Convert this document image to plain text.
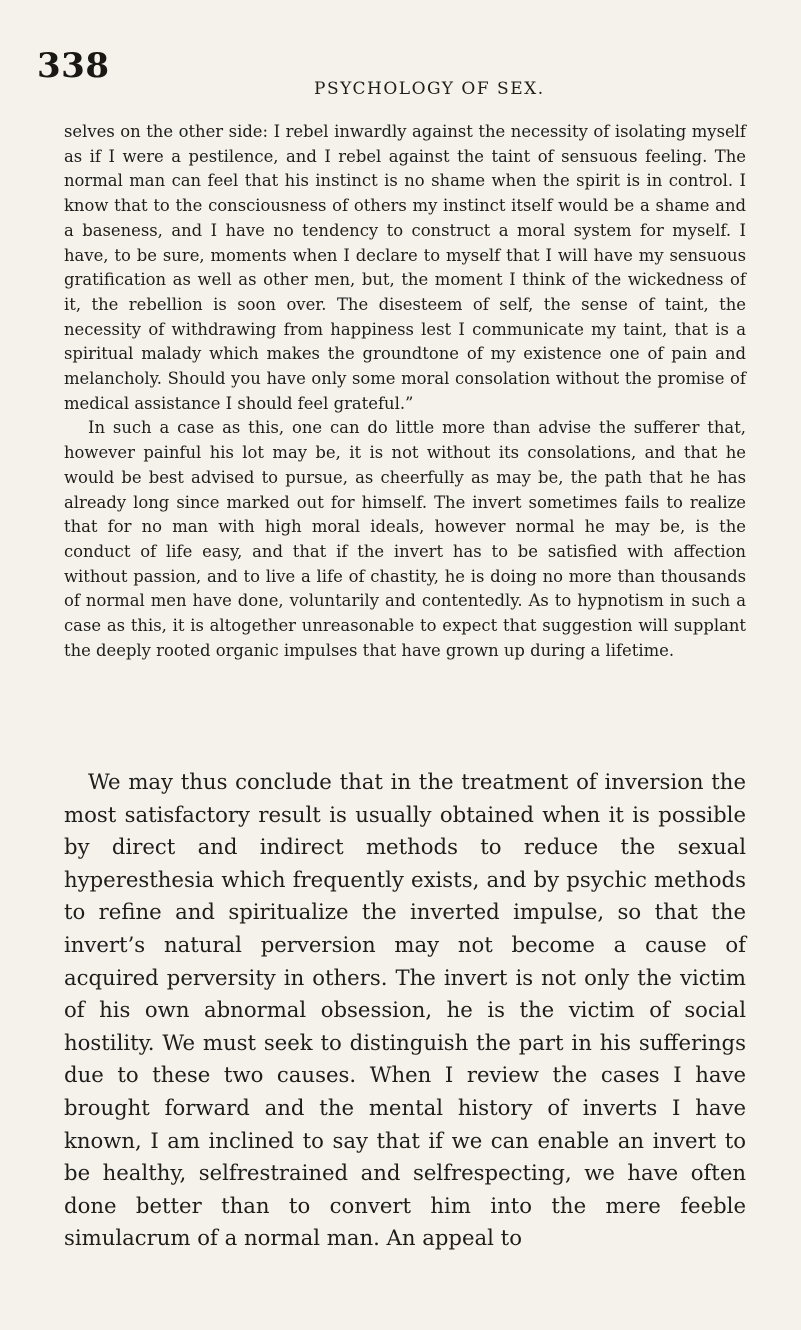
338
PSYCHOLOGY OF SEX.

selves on the other side: I rebel inwardly against the necessity of isolating myself as if I were a pestilence, and I rebel against the taint of sensuous feeling. The normal man can feel that his instinct is no shame when the spirit is in control. I know that to the consciousness of others my instinct itself would be a shame and a baseness, and I have no tendency to construct a moral system for myself. I have, to be sure, moments when I declare to myself that I will have my sensuous gratification as well as other men, but, the moment I think of the wickedness of it, the rebellion is soon over. The disesteem of self, the sense of taint, the necessity of withdrawing from happiness lest I communicate my taint, that is a spiritual malady which makes the groundtone of my existence one of pain and melancholy. Should you have only some moral consolation without the promise of medical assistance I should feel grateful.”

In such a case as this, one can do little more than advise the sufferer that, however painful his lot may be, it is not without its consolations, and that he would be best advised to pursue, as cheerfully as may be, the path that he has already long since marked out for himself. The invert sometimes fails to realize that for no man with high moral ideals, however normal he may be, is the conduct of life easy, and that if the invert has to be satisfied with affection without passion, and to live a life of chastity, he is doing no more than thousands of normal men have done, voluntarily and contentedly. As to hypnotism in such a case as this, it is altogether unreasonable to expect that suggestion will supplant the deeply rooted organic impulses that have grown up during a lifetime.

We may thus conclude that in the treatment of inversion the most satisfactory result is usually obtained when it is possible by direct and indirect methods to reduce the sexual hyperesthesia which frequently exists, and by psychic methods to refine and spiritualize the inverted impulse, so that the invert’s natural perversion may not become a cause of acquired perversity in others. The invert is not only the victim of his own abnormal obsession, he is the victim of social hostility. We must seek to distinguish the part in his sufferings due to these two causes. When I review the cases I have brought forward and the mental history of inverts I have known, I am inclined to say that if we can enable an invert to be healthy, selfrestrained and selfrespecting, we have often done better than to convert him into the mere feeble simulacrum of a normal man. An appeal to
